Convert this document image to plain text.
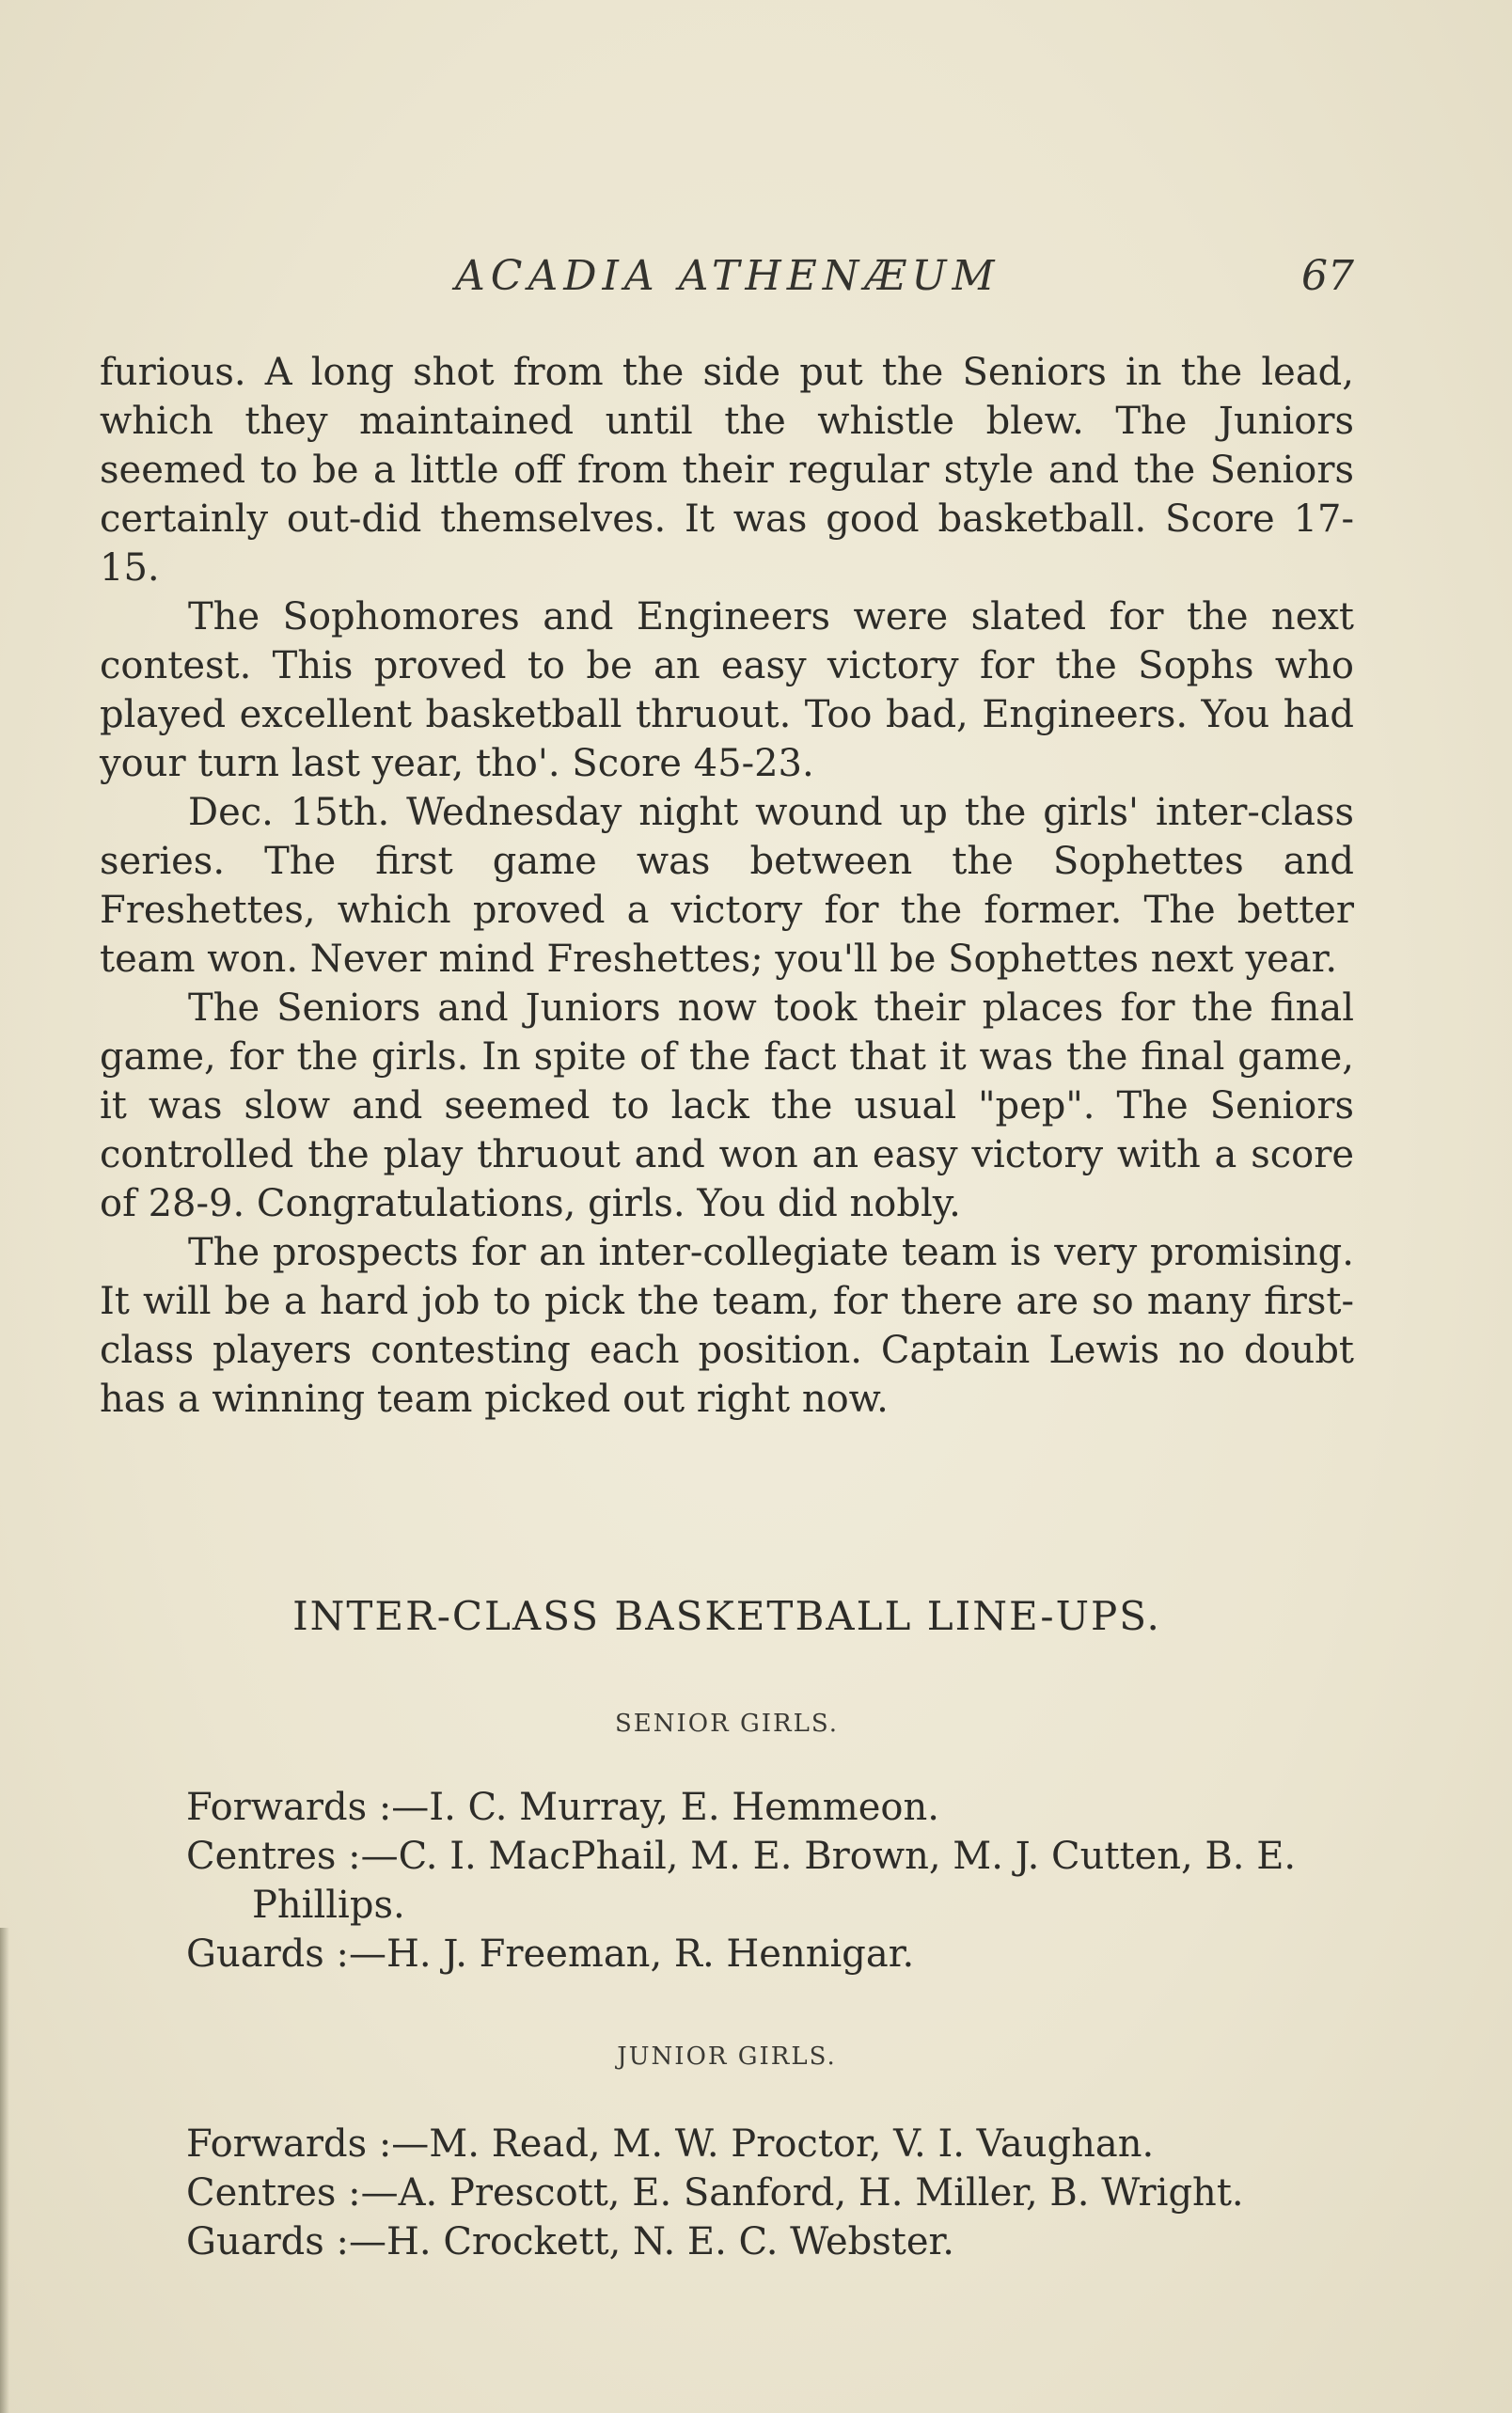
ACADIA ATHENÆUM	67

furious. A long shot from the side put the Seniors in the lead, which they maintained until the whistle blew. The Juniors seemed to be a little off from their regular style and the Seniors certainly out-did themselves. It was good basketball. Score 17-15.

The Sophomores and Engineers were slated for the next contest. This proved to be an easy victory for the Sophs who played excellent basketball thruout. Too bad, Engineers. You had your turn last year, tho'. Score 45-23.

Dec. 15th. Wednesday night wound up the girls' inter-class series. The first game was between the Sophettes and Freshettes, which proved a victory for the former. The better team won. Never mind Freshettes; you'll be Sophettes next year.

The Seniors and Juniors now took their places for the final game, for the girls. In spite of the fact that it was the final game, it was slow and seemed to lack the usual "pep". The Seniors controlled the play thruout and won an easy victory with a score of 28-9. Congratulations, girls. You did nobly.

The prospects for an inter-collegiate team is very promising. It will be a hard job to pick the team, for there are so many first-class players contesting each position. Captain Lewis no doubt has a winning team picked out right now.

INTER-CLASS BASKETBALL LINE-UPS.
SENIOR GIRLS.

Forwards :—I. C. Murray, E. Hemmeon.

Centres :—C. I. MacPhail, M. E. Brown, M. J. Cutten, B. E. Phillips.

Guards :—H. J. Freeman, R. Hennigar.

JUNIOR GIRLS.

Forwards :—M. Read, M. W. Proctor, V. I. Vaughan.

Centres :—A. Prescott, E. Sanford, H. Miller, B. Wright.

Guards :—H. Crockett, N. E. C. Webster.
